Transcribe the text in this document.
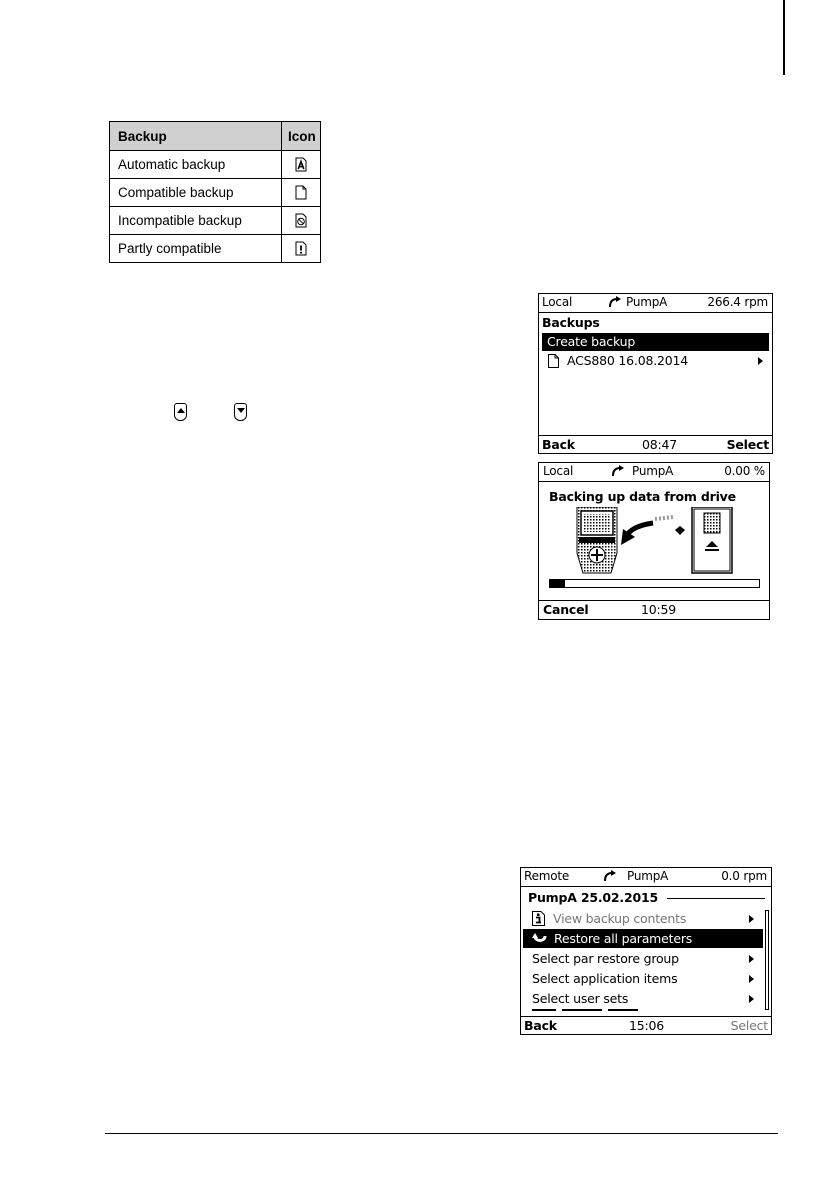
Backup	Icon
Automatic backup	
Compatible backup	
Incompatible backup	
Partly compatible	
Local	PumpA	266.4 rpm
Backups
Create backup
ACS880 16.08.2014
Back	08:47	Select
Local	PumpA	0.00 %
Backing up data from drive
Cancel	10:59
Remote	PumpA	0.0 rpm
PumpA 25.02.2015
View backup contents
Restore all parameters
Select par restore group
Select application items
Select user sets
Back	15:06	Select
